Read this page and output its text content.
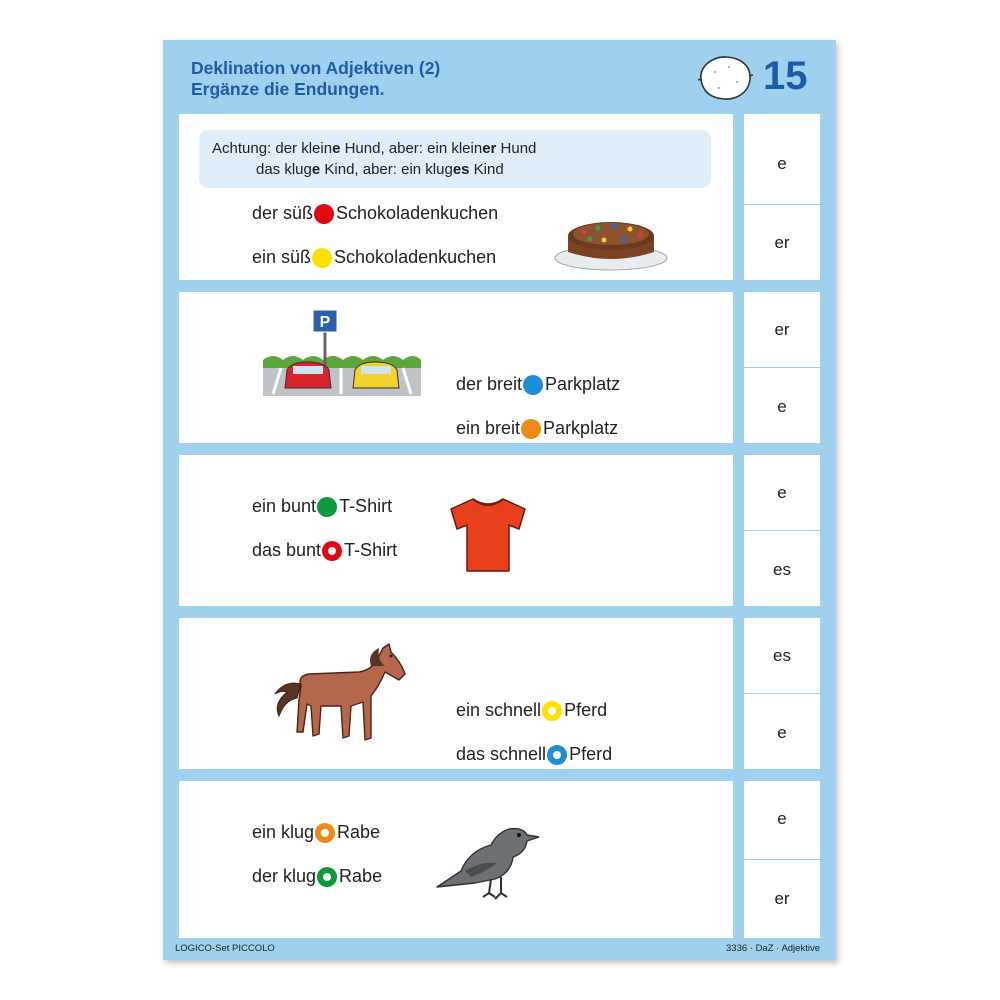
Deklination von Adjektiven (2)
Ergänze die Endungen.	15
Achtung: der kleine Hund, aber: ein kleiner Hund
das kluge Kind, aber: ein kluges Kind
der süß Schokoladenkuchen
ein süß Schokoladenkuchen
e
er
P
der breit Parkplatz
ein breit Parkplatz
er
e
ein bunt T-Shirt
das bunt T-Shirt
e
es
ein schnell Pferd
das schnell Pferd
es
e
ein klug Rabe
der klug Rabe
e
er
LOGICO-Set PICCOLO	3336 · DaZ · Adjektive
